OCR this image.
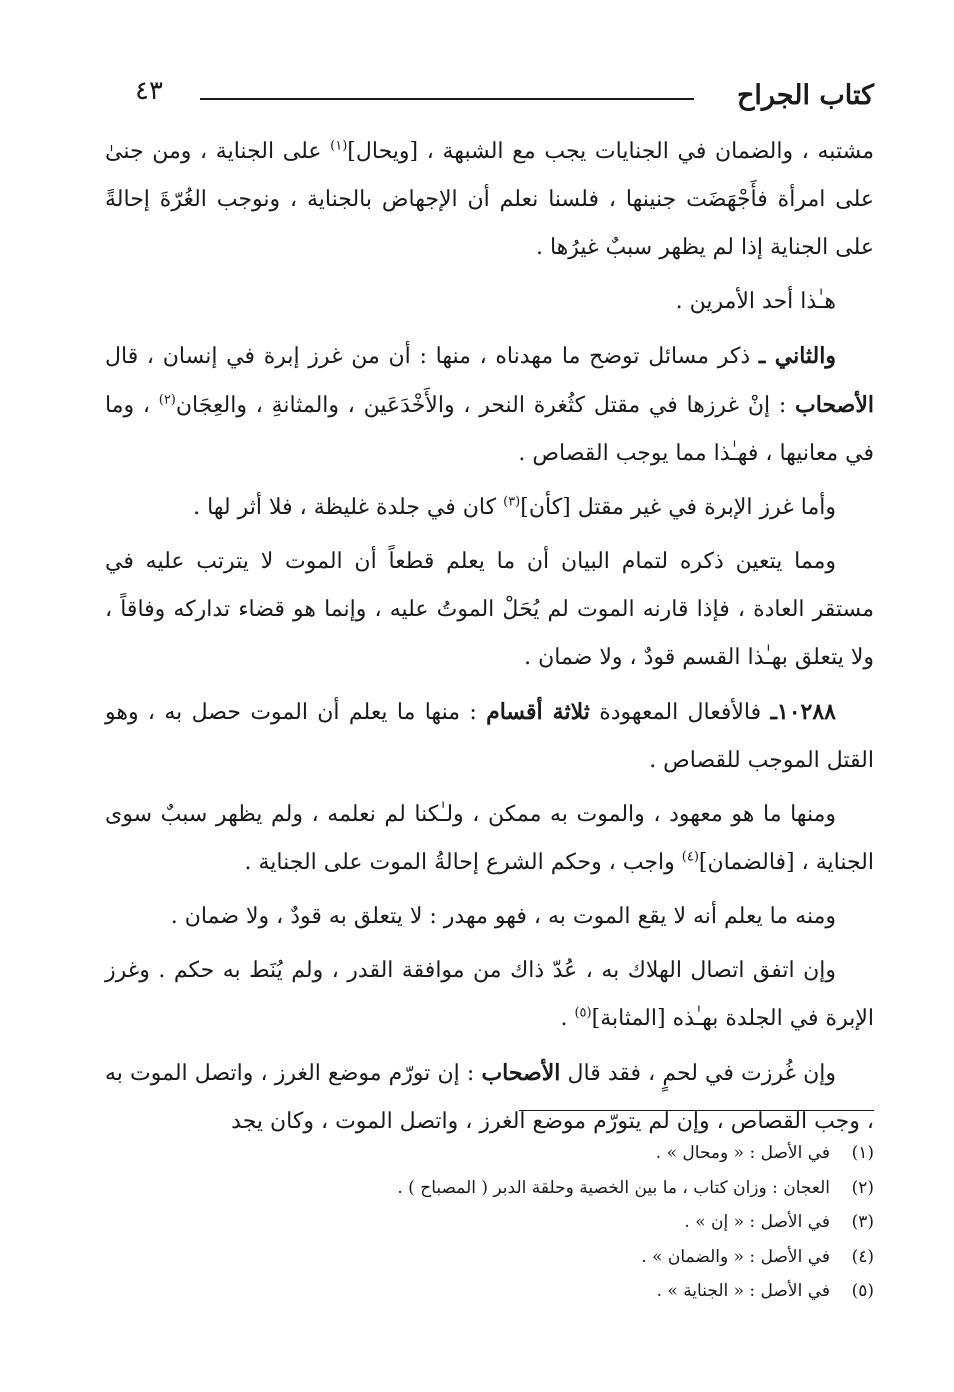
كتاب الجراح
٤٣

مشتبه ، والضمان في الجنايات يجب مع الشبهة ، [ويحال]$^{(١)}$ على الجناية ، ومن جنىٰ على امرأة فأَجْهَضَت جنينها ، فلسنا نعلم أن الإجهاض بالجناية ، ونوجب الغُرّةَ إحالةً على الجناية إذا لم يظهر سببٌ غيرُها .

هـٰذا أحد الأمرين .

والثاني ـ ذكر مسائل توضح ما مهدناه ، منها : أن من غرز إبرة في إنسان ، قال الأصحاب : إنْ غرزها في مقتل كثُغرة النحر ، والأَخْدَعَين ، والمثانةِ ، والعِجَان$^{(٢)}$ ، وما في معانيها ، فهـٰذا مما يوجب القصاص .

وأما غرز الإبرة في غير مقتل [كأن]$^{(٣)}$ كان في جلدة غليظة ، فلا أثر لها .

ومما يتعين ذكره لتمام البيان أن ما يعلم قطعاً أن الموت لا يترتب عليه في مستقر العادة ، فإذا قارنه الموت لم يُحَلْ الموتُ عليه ، وإنما هو قضاء تداركه وفاقاً ، ولا يتعلق بهـٰذا القسم قودٌ ، ولا ضمان .

١٠٢٨٨ـ فالأفعال المعهودة ثلاثة أقسام : منها ما يعلم أن الموت حصل به ، وهو القتل الموجب للقصاص .

ومنها ما هو معهود ، والموت به ممكن ، ولـٰكنا لم نعلمه ، ولم يظهر سببٌ سوى الجناية ، [فالضمان]$^{(٤)}$ واجب ، وحكم الشرع إحالةُ الموت على الجناية .

ومنه ما يعلم أنه لا يقع الموت به ، فهو مهدر : لا يتعلق به قودٌ ، ولا ضمان .

وإن اتفق اتصال الهلاك به ، عُدّ ذاك من موافقة القدر ، ولم يُنَط به حكم . وغرز الإبرة في الجلدة بهـٰذه [المثابة]$^{(٥)}$ .

وإن غُرزت في لحمٍ ، فقد قال الأصحاب : إن تورّم موضع الغرز ، واتصل الموت به ، وجب القصاص ، وإن لم يتورّم موضع الغرز ، واتصل الموت ، وكان يجد

(١)في الأصل : « ومحال » .
(٢)العجان : وزان كتاب ، ما بين الخصية وحلقة الدبر ( المصباح ) .
(٣)في الأصل : « إن » .
(٤)في الأصل : « والضمان » .
(٥)في الأصل : « الجناية » .
